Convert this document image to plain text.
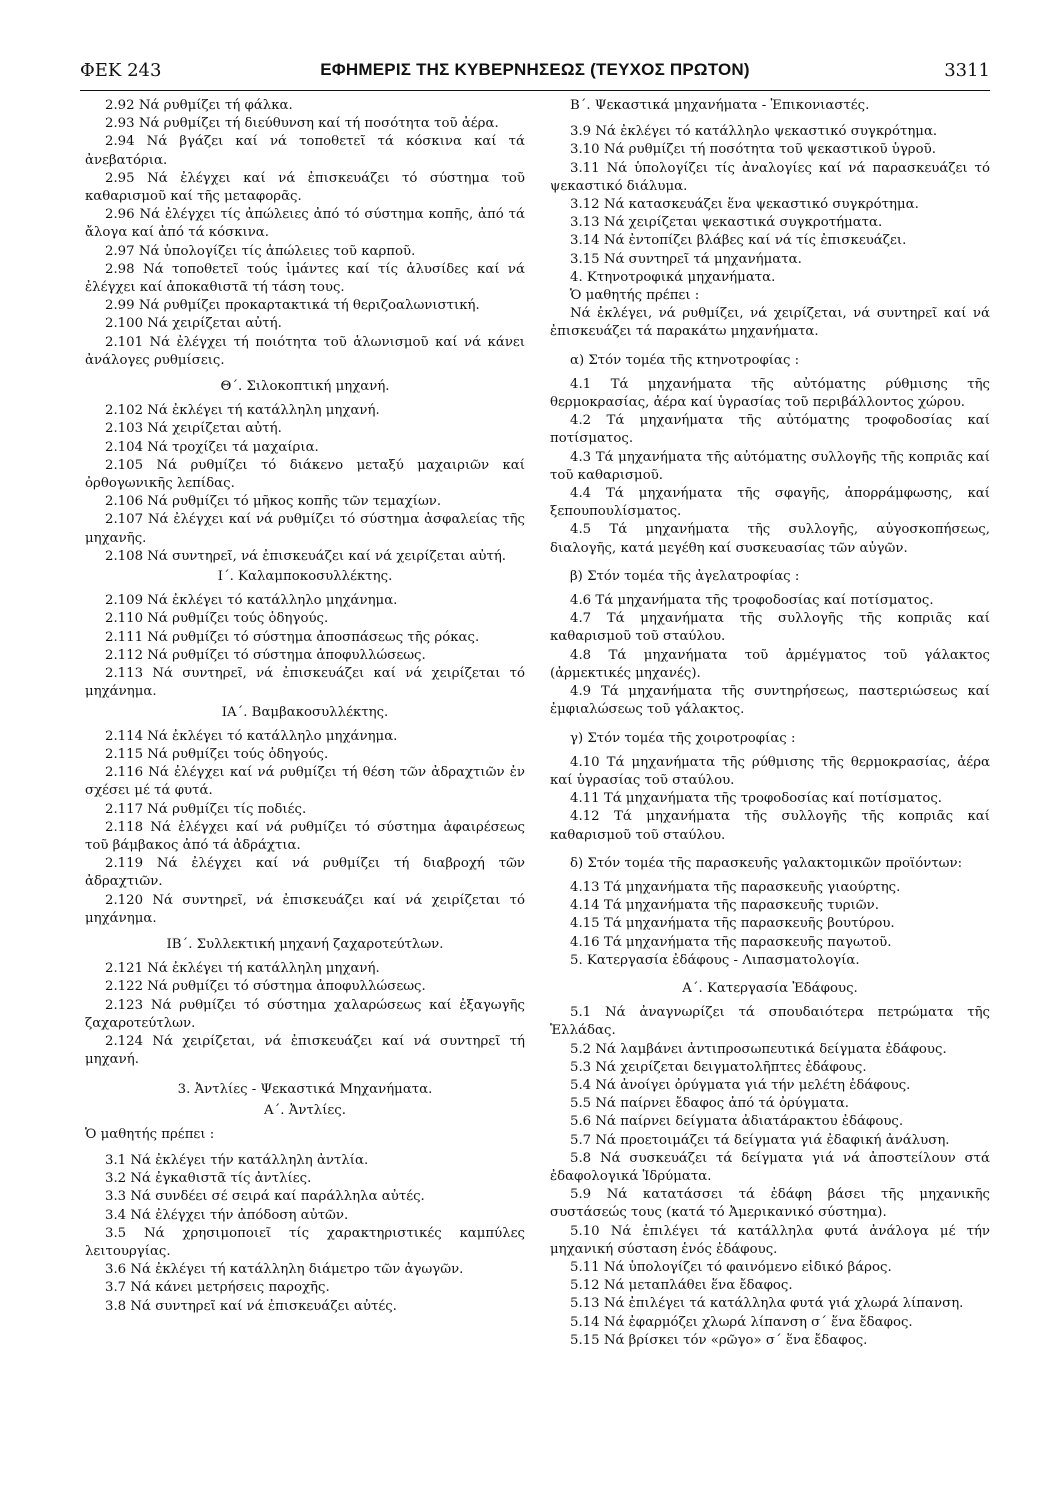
ΦΕΚ 243	ΕΦΗΜΕΡΙΣ ΤΗΣ ΚΥΒΕΡΝΗΣΕΩΣ (ΤΕΥΧΟΣ ΠΡΩΤΟΝ)	3311

2.92 Νά ρυθμίζει τή φάλκα.

2.93 Νά ρυθμίζει τή διεύθυνση καί τή ποσότητα τοῦ ἀέρα.

2.94 Νά βγάζει καί νά τοποθετεῖ τά κόσκινα καί τά ἀνεβατόρια.

2.95 Νά ἐλέγχει καί νά ἐπισκευάζει τό σύστημα τοῦ καθαρισμοῦ καί τῆς μεταφορᾶς.

2.96 Νά ἐλέγχει τίς ἀπώλειες ἀπό τό σύστημα κοπῆς, ἀπό τά ἄλογα καί ἀπό τά κόσκινα.

2.97 Νά ὑπολογίζει τίς ἀπώλειες τοῦ καρποῦ.

2.98 Νά τοποθετεῖ τούς ἱμάντες καί τίς ἁλυσίδες καί νά ἐλέγχει καί ἀποκαθιστᾶ τή τάση τους.

2.99 Νά ρυθμίζει προκαρτακτικά τή θεριζοαλωνιστική.

2.100 Νά χειρίζεται αὐτή.

2.101 Νά ἐλέγχει τή ποιότητα τοῦ ἁλωνισμοῦ καί νά κάνει ἀνάλογες ρυθμίσεις.

Θ΄. Σιλοκοπτική μηχανή.

2.102 Νά ἐκλέγει τή κατάλληλη μηχανή.

2.103 Νά χειρίζεται αὐτή.

2.104 Νά τροχίζει τά μαχαίρια.

2.105 Νά ρυθμίζει τό διάκενο μεταξύ μαχαιριῶν καί ὀρθογωνικῆς λεπίδας.

2.106 Νά ρυθμίζει τό μῆκος κοπῆς τῶν τεμαχίων.

2.107 Νά ἐλέγχει καί νά ρυθμίζει τό σύστημα ἀσφαλείας τῆς μηχανῆς.

2.108 Νά συντηρεῖ, νά ἐπισκευάζει καί νά χειρίζεται αὐτή.

Ι΄. Καλαμποκοσυλλέκτης.

2.109 Νά ἐκλέγει τό κατάλληλο μηχάνημα.

2.110 Νά ρυθμίζει τούς ὁδηγούς.

2.111 Νά ρυθμίζει τό σύστημα ἀποσπάσεως τῆς ρόκας.

2.112 Νά ρυθμίζει τό σύστημα ἀποφυλλώσεως.

2.113 Νά συντηρεῖ, νά ἐπισκευάζει καί νά χειρίζεται τό μηχάνημα.

ΙΑ΄. Βαμβακοσυλλέκτης.

2.114 Νά ἐκλέγει τό κατάλληλο μηχάνημα.

2.115 Νά ρυθμίζει τούς ὁδηγούς.

2.116 Νά ἐλέγχει καί νά ρυθμίζει τή θέση τῶν ἀδραχτιῶν ἐν σχέσει μέ τά φυτά.

2.117 Νά ρυθμίζει τίς ποδιές.

2.118 Νά ἐλέγχει καί νά ρυθμίζει τό σύστημα ἀφαιρέσεως τοῦ βάμβακος ἀπό τά ἀδράχτια.

2.119 Νά ἐλέγχει καί νά ρυθμίζει τή διαβροχή τῶν ἀδραχτιῶν.

2.120 Νά συντηρεῖ, νά ἐπισκευάζει καί νά χειρίζεται τό μηχάνημα.

ΙΒ΄. Συλλεκτική μηχανή ζαχαροτεύτλων.

2.121 Νά ἐκλέγει τή κατάλληλη μηχανή.

2.122 Νά ρυθμίζει τό σύστημα ἀποφυλλώσεως.

2.123 Νά ρυθμίζει τό σύστημα χαλαρώσεως καί ἐξαγωγῆς ζαχαροτεύτλων.

2.124 Νά χειρίζεται, νά ἐπισκευάζει καί νά συντηρεῖ τή μηχανή.

3. Ἀντλίες - Ψεκαστικά Μηχανήματα.

Α΄. Ἀντλίες.

Ὁ μαθητής πρέπει :

3.1 Νά ἐκλέγει τήν κατάλληλη ἀντλία.

3.2 Νά ἐγκαθιστᾶ τίς ἀντλίες.

3.3 Νά συνδέει σέ σειρά καί παράλληλα αὐτές.

3.4 Νά ἐλέγχει τήν ἀπόδοση αὐτῶν.

3.5 Νά χρησιμοποιεῖ τίς χαρακτηριστικές καμπύλες λειτουργίας.

3.6 Νά ἐκλέγει τή κατάλληλη διάμετρο τῶν ἀγωγῶν.

3.7 Νά κάνει μετρήσεις παροχῆς.

3.8 Νά συντηρεῖ καί νά ἐπισκευάζει αὐτές.

Β΄. Ψεκαστικά μηχανήματα - Ἐπικονιαστές.

3.9 Νά ἐκλέγει τό κατάλληλο ψεκαστικό συγκρότημα.

3.10 Νά ρυθμίζει τή ποσότητα τοῦ ψεκαστικοῦ ὑγροῦ.

3.11 Νά ὑπολογίζει τίς ἀναλογίες καί νά παρασκευάζει τό ψεκαστικό διάλυμα.

3.12 Νά κατασκευάζει ἕνα ψεκαστικό συγκρότημα.

3.13 Νά χειρίζεται ψεκαστικά συγκροτήματα.

3.14 Νά ἐντοπίζει βλάβες καί νά τίς ἐπισκευάζει.

3.15 Νά συντηρεῖ τά μηχανήματα.

4. Κτηνοτροφικά μηχανήματα.

Ὁ μαθητής πρέπει :

Νά ἐκλέγει, νά ρυθμίζει, νά χειρίζεται, νά συντηρεῖ καί νά ἐπισκευάζει τά παρακάτω μηχανήματα.

α) Στόν τομέα τῆς κτηνοτροφίας :

4.1 Τά μηχανήματα τῆς αὐτόματης ρύθμισης τῆς θερμοκρασίας, ἀέρα καί ὑγρασίας τοῦ περιβάλλοντος χώρου.

4.2 Τά μηχανήματα τῆς αὐτόματης τροφοδοσίας καί ποτίσματος.

4.3 Τά μηχανήματα τῆς αὐτόματης συλλογῆς τῆς κοπριᾶς καί τοῦ καθαρισμοῦ.

4.4 Τά μηχανήματα τῆς σφαγῆς, ἀπορράμφωσης, καί ξεπουπουλίσματος.

4.5 Τά μηχανήματα τῆς συλλογῆς, αὐγοσκοπήσεως, διαλογῆς, κατά μεγέθη καί συσκευασίας τῶν αὐγῶν.

β) Στόν τομέα τῆς ἀγελατροφίας :

4.6 Τά μηχανήματα τῆς τροφοδοσίας καί ποτίσματος.

4.7 Τά μηχανήματα τῆς συλλογῆς τῆς κοπριᾶς καί καθαρισμοῦ τοῦ σταύλου.

4.8 Τά μηχανήματα τοῦ ἀρμέγματος τοῦ γάλακτος (ἀρμεκτικές μηχανές).

4.9 Τά μηχανήματα τῆς συντηρήσεως, παστεριώσεως καί ἐμφιαλώσεως τοῦ γάλακτος.

γ) Στόν τομέα τῆς χοιροτροφίας :

4.10 Τά μηχανήματα τῆς ρύθμισης τῆς θερμοκρασίας, ἀέρα καί ὑγρασίας τοῦ σταύλου.

4.11 Τά μηχανήματα τῆς τροφοδοσίας καί ποτίσματος.

4.12 Τά μηχανήματα τῆς συλλογῆς τῆς κοπριᾶς καί καθαρισμοῦ τοῦ σταύλου.

δ) Στόν τομέα τῆς παρασκευῆς γαλακτομικῶν προϊόντων:

4.13 Τά μηχανήματα τῆς παρασκευῆς γιαούρτης.

4.14 Τά μηχανήματα τῆς παρασκευῆς τυριῶν.

4.15 Τά μηχανήματα τῆς παρασκευῆς βουτύρου.

4.16 Τά μηχανήματα τῆς παρασκευῆς παγωτοῦ.

5. Κατεργασία ἐδάφους - Λιπασματολογία.

Α΄. Κατεργασία Ἐδάφους.

5.1 Νά ἀναγνωρίζει τά σπουδαιότερα πετρώματα τῆς Ἑλλάδας.

5.2 Νά λαμβάνει ἀντιπροσωπευτικά δείγματα ἐδάφους.

5.3 Νά χειρίζεται δειγματολῆπτες ἐδάφους.

5.4 Νά ἀνοίγει ὀρύγματα γιά τήν μελέτη ἐδάφους.

5.5 Νά παίρνει ἔδαφος ἀπό τά ὀρύγματα.

5.6 Νά παίρνει δείγματα ἀδιατάρακτου ἐδάφους.

5.7 Νά προετοιμάζει τά δείγματα γιά ἐδαφική ἀνάλυση.

5.8 Νά συσκευάζει τά δείγματα γιά νά ἀποστείλουν στά ἐδαφολογικά Ἱδρύματα.

5.9 Νά κατατάσσει τά ἐδάφη βάσει τῆς μηχανικῆς συστάσεώς τους (κατά τό Ἀμερικανικό σύστημα).

5.10 Νά ἐπιλέγει τά κατάλληλα φυτά ἀνάλογα μέ τήν μηχανική σύσταση ἑνός ἐδάφους.

5.11 Νά ὑπολογίζει τό φαινόμενο εἰδικό βάρος.

5.12 Νά μεταπλάθει ἕνα ἔδαφος.

5.13 Νά ἐπιλέγει τά κατάλληλα φυτά γιά χλωρά λίπανση.

5.14 Νά ἐφαρμόζει χλωρά λίπανση σ΄ ἕνα ἔδαφος.

5.15 Νά βρίσκει τόν «ρῶγο» σ΄ ἕνα ἔδαφος.
